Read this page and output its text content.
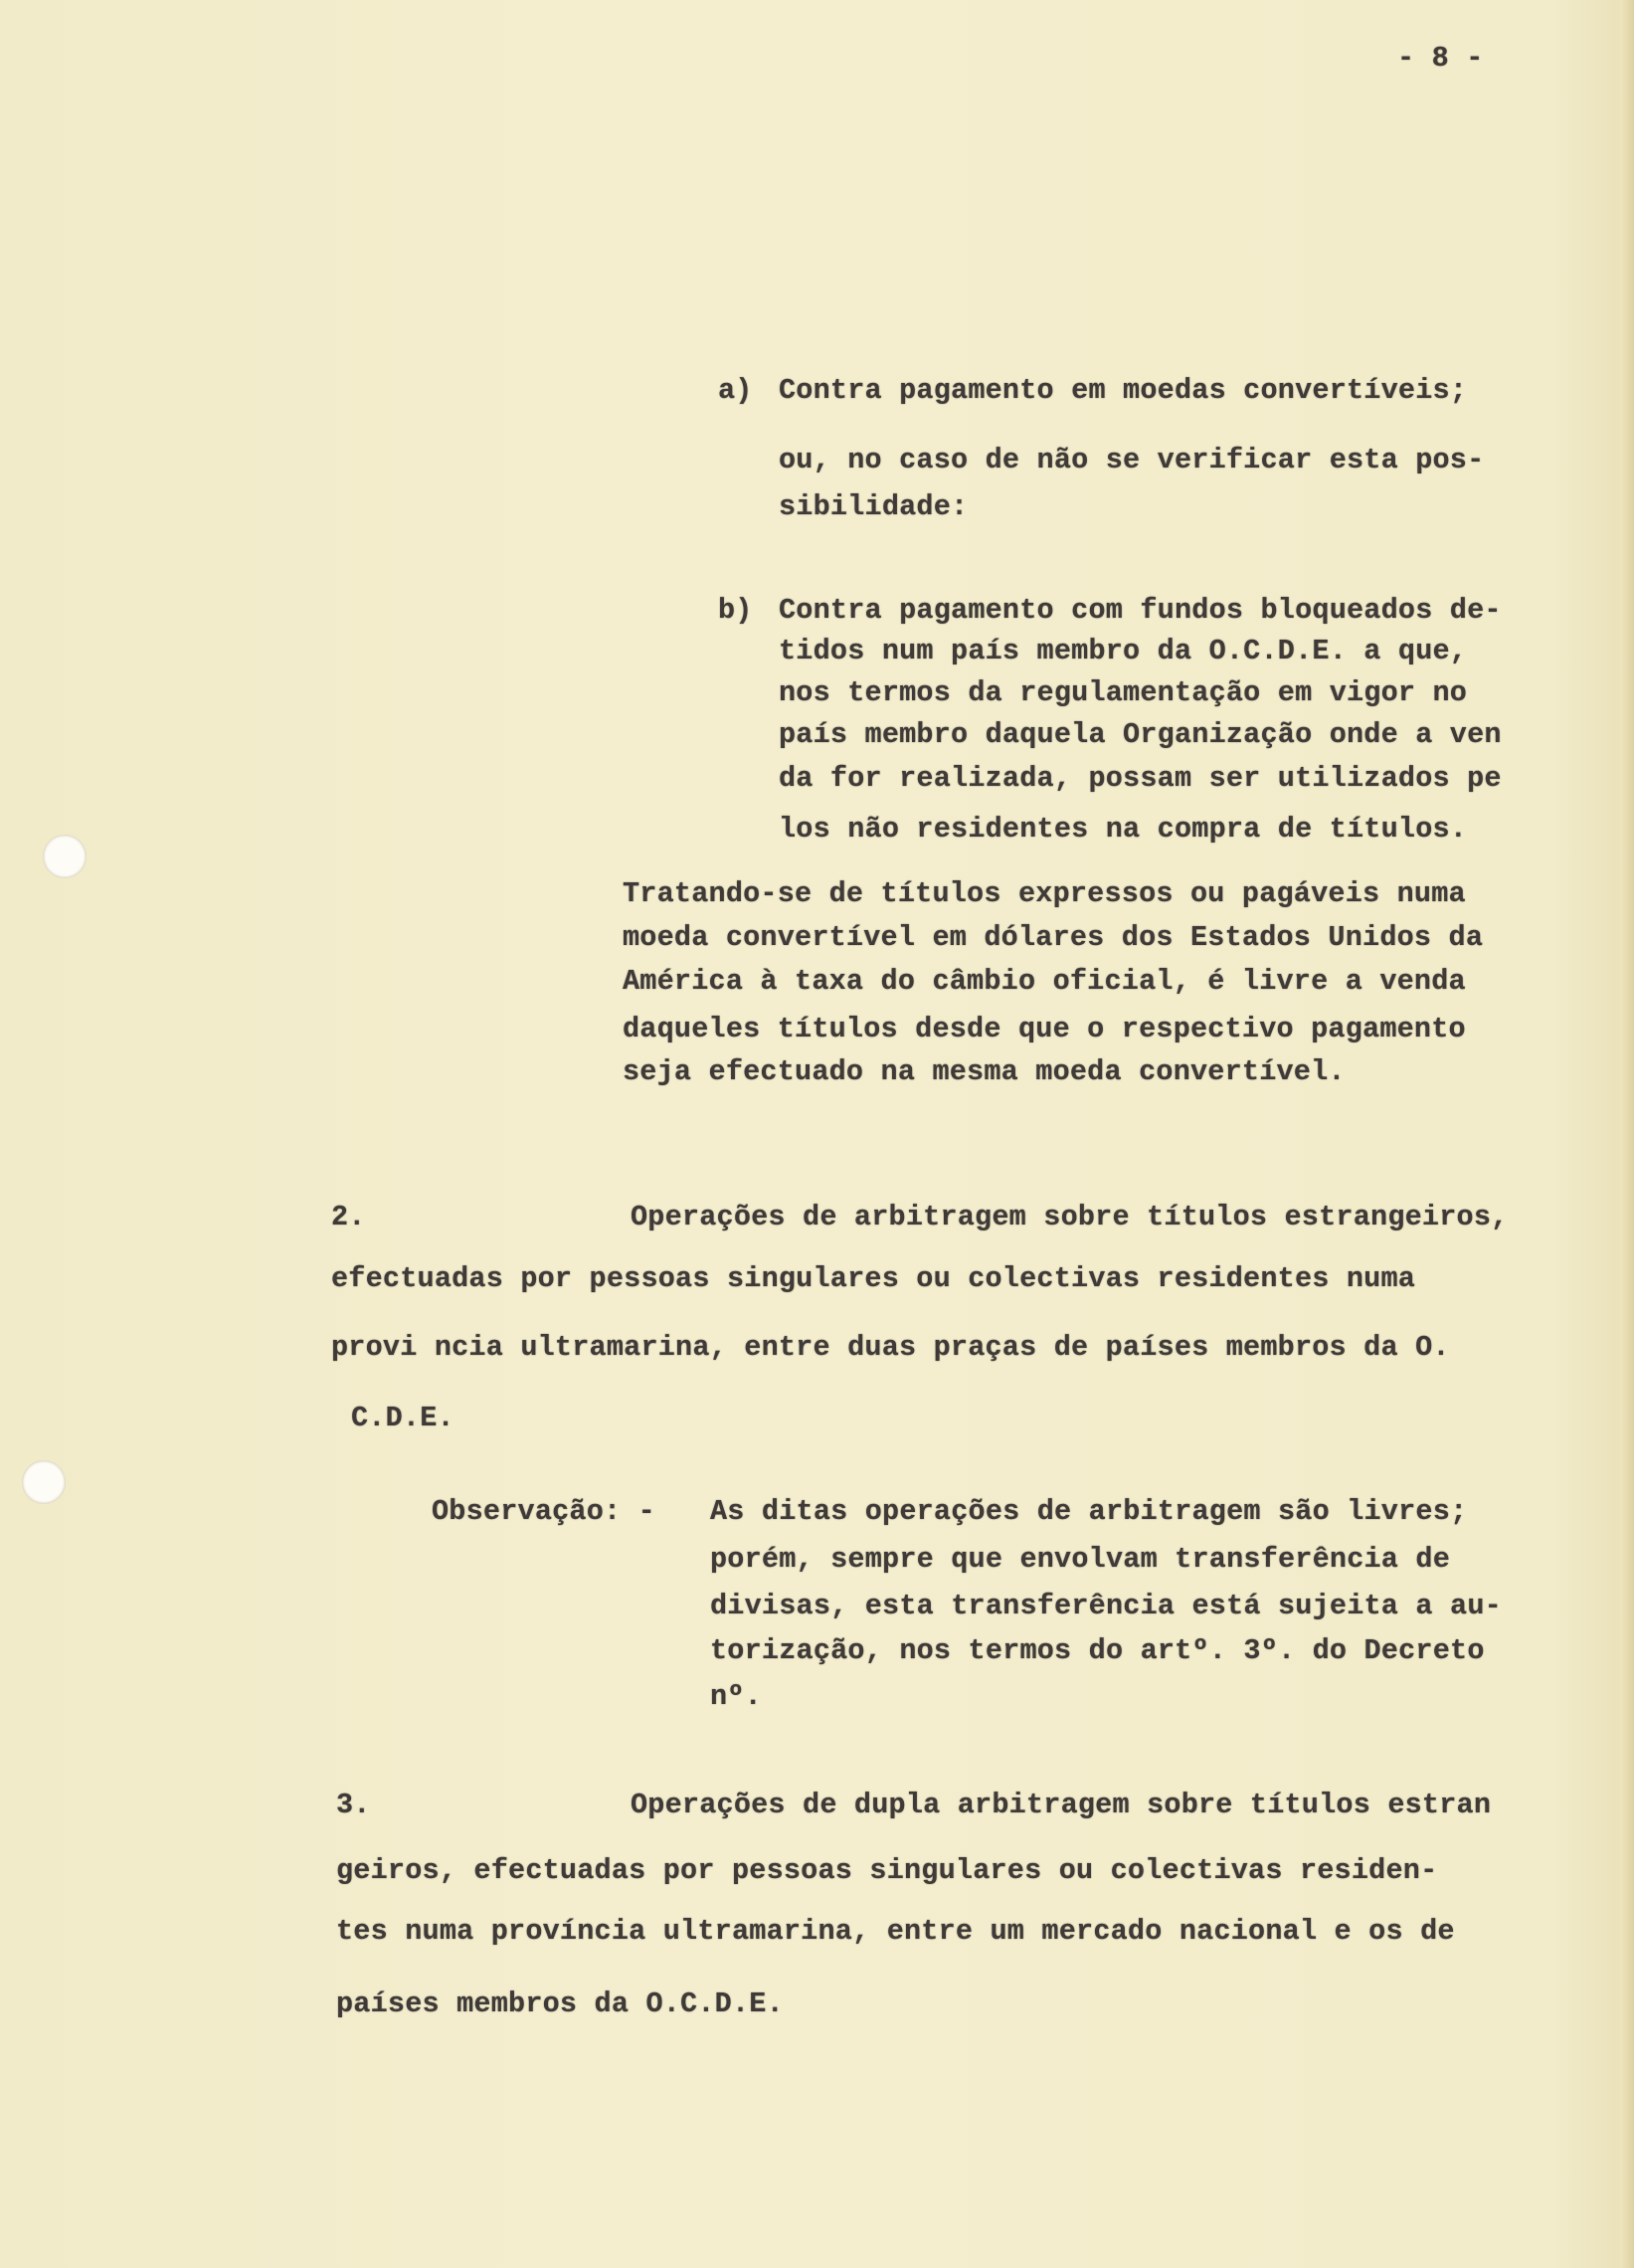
- 8 -
a) Contra pagamento em moedas convertíveis;
ou, no caso de não se verificar esta pos-
sibilidade:
b) Contra pagamento com fundos bloqueados de-
tidos num país membro da O.C.D.E. a que,
nos termos da regulamentação em vigor no
país membro daquela Organização onde a ven
da for realizada, possam ser utilizados pe
los não residentes na compra de títulos.
Tratando-se de títulos expressos ou pagáveis numa
moeda convertível em dólares dos Estados Unidos da
América à taxa do câmbio oficial, é livre a venda
daqueles títulos desde que o respectivo pagamento
seja efectuado na mesma moeda convertível.
2.	Operações de arbitragem sobre títulos estrangeiros,
efectuadas por pessoas singulares ou colectivas residentes numa
provi ncia ultramarina, entre duas praças de países membros da O.
C.D.E.
Observação: - As ditas operações de arbitragem são livres;
porém, sempre que envolvam transferência de
divisas, esta transferência está sujeita a au-
torização, nos termos do artº. 3º. do Decreto
nº.
3.	Operações de dupla arbitragem sobre títulos estran
geiros, efectuadas por pessoas singulares ou colectivas residen-
tes numa província ultramarina, entre um mercado nacional e os de
países membros da O.C.D.E.
